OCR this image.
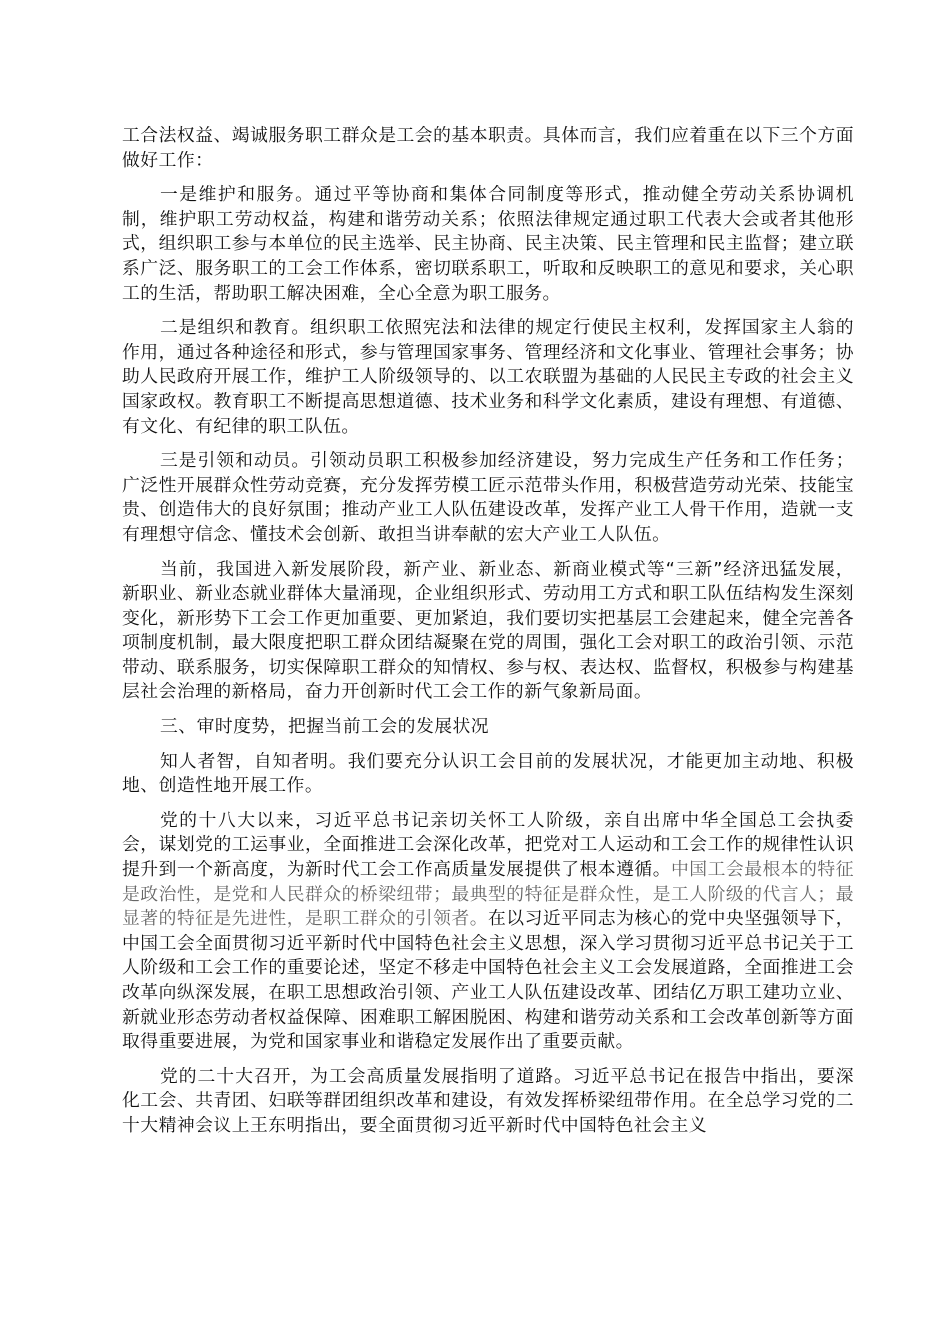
工合法权益、竭诚服务职工群众是工会的基本职责。具体而言，我们应着重在以下三个方面做好工作：

一是维护和服务。通过平等协商和集体合同制度等形式，推动健全劳动关系协调机制，维护职工劳动权益，构建和谐劳动关系；依照法律规定通过职工代表大会或者其他形式，组织职工参与本单位的民主选举、民主协商、民主决策、民主管理和民主监督；建立联系广泛、服务职工的工会工作体系，密切联系职工，听取和反映职工的意见和要求，关心职工的生活，帮助职工解决困难，全心全意为职工服务。

二是组织和教育。组织职工依照宪法和法律的规定行使民主权利，发挥国家主人翁的作用，通过各种途径和形式，参与管理国家事务、管理经济和文化事业、管理社会事务；协助人民政府开展工作，维护工人阶级领导的、以工农联盟为基础的人民民主专政的社会主义国家政权。教育职工不断提高思想道德、技术业务和科学文化素质，建设有理想、有道德、有文化、有纪律的职工队伍。

三是引领和动员。引领动员职工积极参加经济建设，努力完成生产任务和工作任务；广泛性开展群众性劳动竞赛，充分发挥劳模工匠示范带头作用，积极营造劳动光荣、技能宝贵、创造伟大的良好氛围；推动产业工人队伍建设改革，发挥产业工人骨干作用，造就一支有理想守信念、懂技术会创新、敢担当讲奉献的宏大产业工人队伍。

当前，我国进入新发展阶段，新产业、新业态、新商业模式等“三新”经济迅猛发展，新职业、新业态就业群体大量涌现，企业组织形式、劳动用工方式和职工队伍结构发生深刻变化，新形势下工会工作更加重要、更加紧迫，我们要切实把基层工会建起来，健全完善各项制度机制，最大限度把职工群众团结凝聚在党的周围，强化工会对职工的政治引领、示范带动、联系服务，切实保障职工群众的知情权、参与权、表达权、监督权，积极参与构建基层社会治理的新格局，奋力开创新时代工会工作的新气象新局面。

三、审时度势，把握当前工会的发展状况

知人者智，自知者明。我们要充分认识工会目前的发展状况，才能更加主动地、积极地、创造性地开展工作。

党的十八大以来，习近平总书记亲切关怀工人阶级，亲自出席中华全国总工会执委会，谋划党的工运事业，全面推进工会深化改革，把党对工人运动和工会工作的规律性认识提升到一个新高度，为新时代工会工作高质量发展提供了根本遵循。中国工会最根本的特征是政治性，是党和人民群众的桥梁纽带；最典型的特征是群众性，是工人阶级的代言人；最显著的特征是先进性，是职工群众的引领者。在以习近平同志为核心的党中央坚强领导下，中国工会全面贯彻习近平新时代中国特色社会主义思想，深入学习贯彻习近平总书记关于工人阶级和工会工作的重要论述，坚定不移走中国特色社会主义工会发展道路，全面推进工会改革向纵深发展，在职工思想政治引领、产业工人队伍建设改革、团结亿万职工建功立业、新就业形态劳动者权益保障、困难职工解困脱困、构建和谐劳动关系和工会改革创新等方面取得重要进展，为党和国家事业和谐稳定发展作出了重要贡献。

党的二十大召开，为工会高质量发展指明了道路。习近平总书记在报告中指出，要深化工会、共青团、妇联等群团组织改革和建设，有效发挥桥梁纽带作用。在全总学习党的二十大精神会议上王东明指出，要全面贯彻习近平新时代中国特色社会主义
